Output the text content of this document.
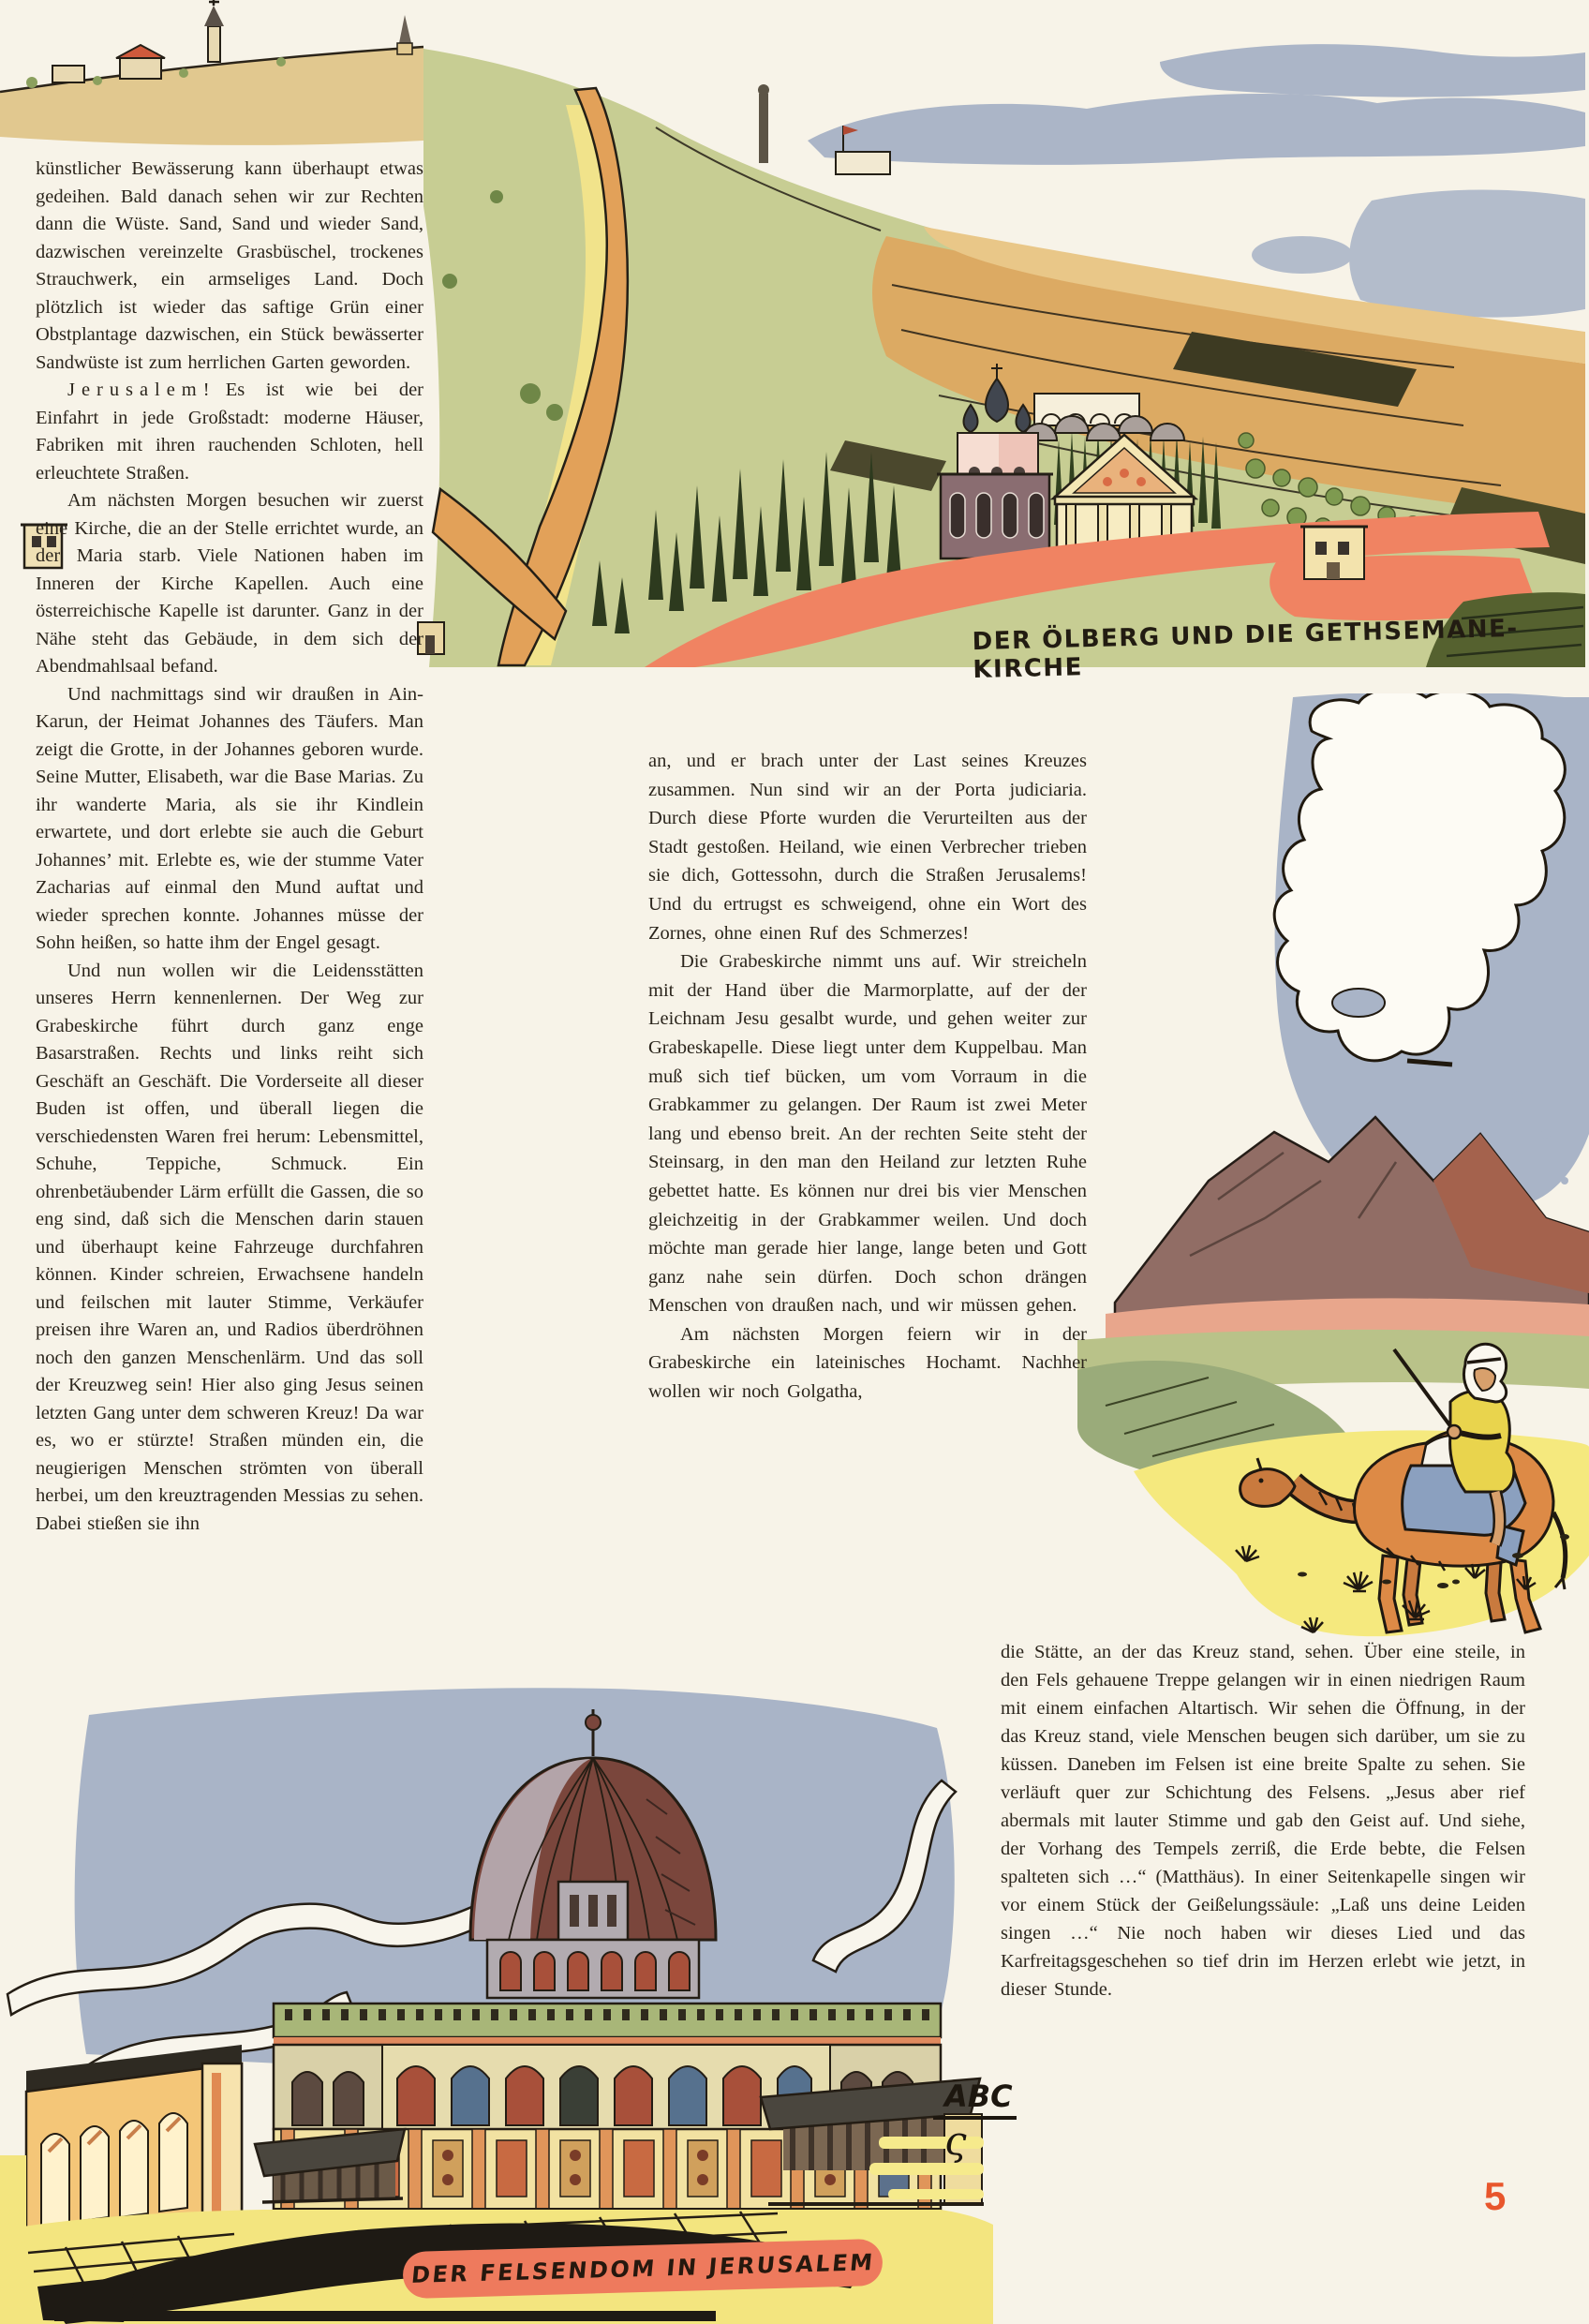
künstlicher Bewässerung kann überhaupt etwas gedeihen. Bald danach sehen wir zur Rechten dann die Wüste. Sand, Sand und wieder Sand, dazwischen vereinzelte Grasbüschel, trockenes Strauchwerk, ein armseliges Land. Doch plötzlich ist wieder das saftige Grün einer Obstplantage dazwischen, ein Stück bewässerter Sandwüste ist zum herrlichen Garten geworden.

Jerusalem! Es ist wie bei der Einfahrt in jede Großstadt: moderne Häuser, Fabriken mit ihren rauchenden Schloten, hell erleuchtete Straßen.

Am nächsten Morgen besuchen wir zuerst eine Kirche, die an der Stelle errichtet wurde, an der Maria starb. Viele Nationen haben im Inneren der Kirche Kapellen. Auch eine österreichische Kapelle ist darunter. Ganz in der Nähe steht das Gebäude, in dem sich der Abendmahlsaal befand.

Und nachmittags sind wir draußen in Ain-Karun, der Heimat Johannes des Täufers. Man zeigt die Grotte, in der Johannes geboren wurde. Seine Mutter, Elisabeth, war die Base Marias. Zu ihr wanderte Maria, als sie ihr Kindlein erwartete, und dort erlebte sie auch die Geburt Johannes’ mit. Erlebte es, wie der stumme Vater Zacharias auf einmal den Mund auftat und wieder sprechen konnte. Johannes müsse der Sohn heißen, so hatte ihm der Engel gesagt.

Und nun wollen wir die Leidensstätten unseres Herrn kennenlernen. Der Weg zur Grabeskirche führt durch ganz enge Basarstraßen. Rechts und links reiht sich Geschäft an Geschäft. Die Vorderseite all dieser Buden ist offen, und überall liegen die verschiedensten Waren frei herum: Lebensmittel, Schuhe, Teppiche, Schmuck. Ein ohrenbetäubender Lärm erfüllt die Gassen, die so eng sind, daß sich die Menschen darin stauen und überhaupt keine Fahrzeuge durchfahren können. Kinder schreien, Erwachsene handeln und feilschen mit lauter Stimme, Verkäufer preisen ihre Waren an, und Radios überdröhnen noch den ganzen Menschenlärm. Und das soll der Kreuzweg sein! Hier also ging Jesus seinen letzten Gang unter dem schweren Kreuz! Da war es, wo er stürzte! Straßen münden ein, die neugierigen Menschen strömten von überall herbei, um den kreuztragenden Messias zu sehen. Dabei stießen sie ihn

an, und er brach unter der Last seines Kreuzes zusammen. Nun sind wir an der Porta judiciaria. Durch diese Pforte wurden die Verurteilten aus der Stadt gestoßen. Heiland, wie einen Verbrecher trieben sie dich, Gottessohn, durch die Straßen Jerusalems! Und du ertrugst es schweigend, ohne ein Wort des Zornes, ohne einen Ruf des Schmerzes!

Die Grabeskirche nimmt uns auf. Wir streicheln mit der Hand über die Marmorplatte, auf der der Leichnam Jesu gesalbt wurde, und gehen weiter zur Grabeskapelle. Diese liegt unter dem Kuppelbau. Man muß sich tief bücken, um vom Vorraum in die Grabkammer zu gelangen. Der Raum ist zwei Meter lang und ebenso breit. An der rechten Seite steht der Steinsarg, in den man den Heiland zur letzten Ruhe gebettet hatte. Es können nur drei bis vier Menschen gleichzeitig in der Grabkammer weilen. Und doch möchte man gerade hier lange, lange beten und Gott ganz nahe sein dürfen. Doch schon drängen Menschen von draußen nach, und wir müssen gehen.

Am nächsten Morgen feiern wir in der Grabeskirche ein lateinisches Hochamt. Nachher wollen wir noch Golgatha,

die Stätte, an der das Kreuz stand, sehen. Über eine steile, in den Fels gehauene Treppe gelangen wir in einen niedrigen Raum mit einem einfachen Altartisch. Wir sehen die Öffnung, in der das Kreuz stand, viele Menschen beugen sich darüber, um sie zu küssen. Daneben im Felsen ist eine breite Spalte zu sehen. Sie verläuft quer zur Schichtung des Felsens. „Jesus aber rief abermals mit lauter Stimme und gab den Geist auf. Und siehe, der Vorhang des Tempels zerriß, die Erde bebte, die Felsen spalteten sich …“ (Matthäus). In einer Seitenkapelle singen wir vor einem Stück der Geißelungssäule: „Laß uns deine Leiden singen …“ Nie noch haben wir dieses Lied und das Karfreitagsgeschehen so tief drin im Herzen erlebt wie jetzt, in dieser Stunde.

DER ÖLBERG UND DIE GETHSEMANE-KIRCHE
DER FELSENDOM IN JERUSALEM
ABC
ς
5
